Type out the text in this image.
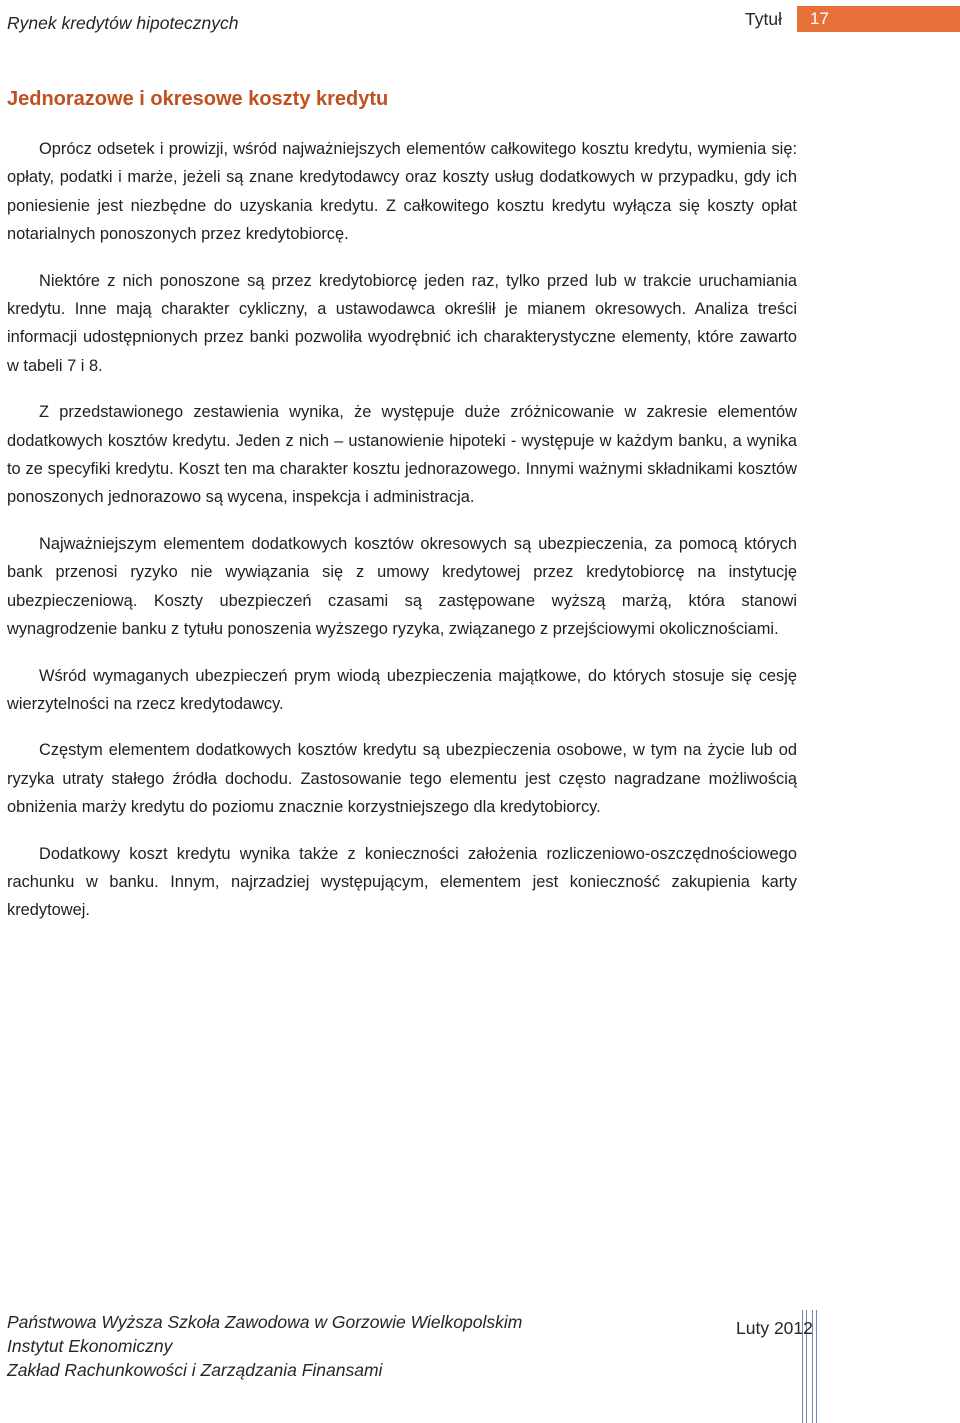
Rynek kredytów hipotecznych	Tytuł	17
Jednorazowe i okresowe koszty kredytu

Oprócz odsetek i prowizji, wśród najważniejszych elementów całkowitego kosztu kredytu, wymienia się: opłaty, podatki i marże, jeżeli są znane kredytodawcy oraz koszty usług dodatkowych w przypadku, gdy ich poniesienie jest niezbędne do uzyskania kredytu. Z całkowitego kosztu kredytu wyłącza się koszty opłat notarialnych ponoszonych przez kredytobiorcę.

Niektóre z nich ponoszone są przez kredytobiorcę jeden raz, tylko przed lub w trakcie uruchamiania kredytu. Inne mają charakter cykliczny, a ustawodawca określił je mianem okresowych. Analiza treści informacji udostępnionych przez banki pozwoliła wyodrębnić ich charakterystyczne elementy, które zawarto w tabeli 7 i 8.

Z przedstawionego zestawienia wynika, że występuje duże zróżnicowanie w zakresie elementów dodatkowych kosztów kredytu. Jeden z nich – ustanowienie hipoteki - występuje w każdym banku, a wynika to ze specyfiki kredytu. Koszt ten ma charakter kosztu jednorazowego. Innymi ważnymi składnikami kosztów ponoszonych jednorazowo są wycena, inspekcja i administracja.

Najważniejszym elementem dodatkowych kosztów okresowych są ubezpieczenia, za pomocą których bank przenosi ryzyko nie wywiązania się z umowy kredytowej przez kredytobiorcę na instytucję ubezpieczeniową. Koszty ubezpieczeń czasami są zastępowane wyższą marżą, która stanowi wynagrodzenie banku z tytułu ponoszenia wyższego ryzyka, związanego z przejściowymi okolicznościami.

Wśród wymaganych ubezpieczeń prym wiodą ubezpieczenia majątkowe, do których stosuje się cesję wierzytelności na rzecz kredytodawcy.

Częstym elementem dodatkowych kosztów kredytu są ubezpieczenia osobowe, w tym na życie lub od ryzyka utraty stałego źródła dochodu. Zastosowanie tego elementu jest często nagradzane możliwością obniżenia marży kredytu do poziomu znacznie korzystniejszego dla kredytobiorcy.

Dodatkowy koszt kredytu wynika także z konieczności założenia rozliczeniowo-oszczędnościowego rachunku w banku. Innym, najrzadziej występującym, elementem jest konieczność zakupienia karty kredytowej.

Państwowa Wyższa Szkoła Zawodowa w Gorzowie Wielkopolskim
Instytut Ekonomiczny
Zakład Rachunkowości i Zarządzania Finansami
Luty 2012
